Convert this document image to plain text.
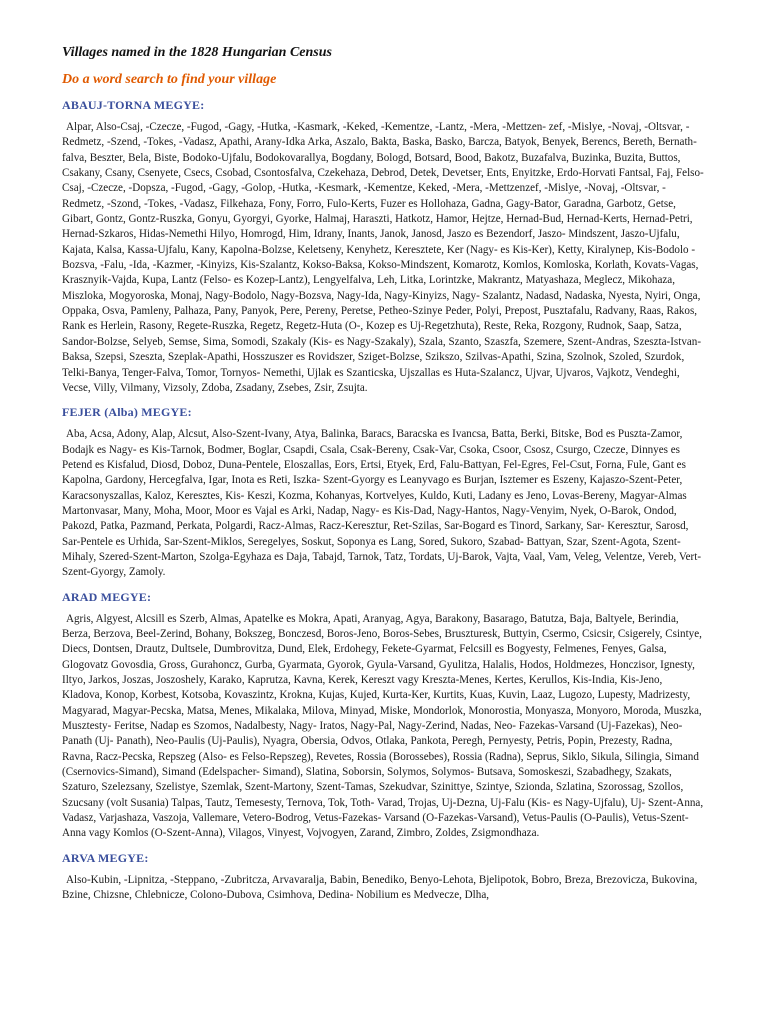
Villages named in the 1828 Hungarian Census
Do a word search to find your village
ABAUJ-TORNA MEGYE:

Alpar, Also-Csaj, -Czecze, -Fugod, -Gagy, -Hutka, -Kasmark, -Keked, -Kementze, -Lantz, -Mera, -Mettzen- zef, -Mislye, -Novaj, -Oltsvar, -Redmetz, -Szend, -Tokes, -Vadasz, Apathi, Arany-Idka Arka, Aszalo, Bakta, Baska, Basko, Barcza, Batyok, Benyek, Berencs, Bereth, Bernath- falva, Beszter, Bela, Biste, Bodoko-Ujfalu, Bodokovarallya, Bogdany, Bologd, Botsard, Bood, Bakotz, Buzafalva, Buzinka, Buzita, Buttos, Csakany, Csany, Csenyete, Csecs, Csobad, Csontosfalva, Czekehaza, Debrod, Detek, Devetser, Ents, Enyitzke, Erdo-Horvati Fantsal, Faj, Felso-Csaj, -Czecze, -Dopsza, -Fugod, -Gagy, -Golop, -Hutka, -Kesmark, -Kementze, Keked, -Mera, -Mettzenzef, -Mislye, -Novaj, -Oltsvar, -Redmetz, -Szond, -Tokes, -Vadasz, Filkehaza, Fony, Forro, Fulo-Kerts, Fuzer es Hollohaza, Gadna, Gagy-Bator, Garadna, Garbotz, Getse, Gibart, Gontz, Gontz-Ruszka, Gonyu, Gyorgyi, Gyorke, Halmaj, Haraszti, Hatkotz, Hamor, Hejtze, Hernad-Bud, Hernad-Kerts, Hernad-Petri, Hernad-Szkaros, Hidas-Nemethi Hilyo, Homrogd, Him, Idrany, Inants, Janok, Janosd, Jaszo es Bezendorf, Jaszo- Mindszent, Jaszo-Ujfalu, Kajata, Kalsa, Kassa-Ujfalu, Kany, Kapolna-Bolzse, Keletseny, Kenyhetz, Keresztetе, Ker (Nagy- es Kis-Ker), Ketty, Kiralynep, Kis-Bodolo -Bozsva, -Falu, -Ida, -Kazmer, -Kinyizs, Kis-Szalantz, Kokso-Baksa, Kokso-Mindszent, Komarotz, Komlos, Komloska, Korlath, Kovats-Vagas, Krasznyik-Vajda, Kupa, Lantz (Felso- es Kozep-Lantz), Lengyelfalva, Leh, Litka, Lorintzke, Makrantz, Matyashaza, Meglecz, Mikohaza, Miszloka, Mogyoroska, Monaj, Nagy-Bodolo, Nagy-Bozsva, Nagy-Ida, Nagy-Kinyizs, Nagy- Szalantz, Nadasd, Nadaska, Nyesta, Nyiri, Onga, Oppaka, Osva, Pamleny, Palhaza, Pany, Panyok, Pere, Pereny, Peretse, Petheo-Szinye Peder, Polyi, Prepost, Pusztafalu, Radvany, Raas, Rakos, Rank es Herlein, Rasony, Regete-Ruszka, Regetz, Regetz-Huta (O-, Kozep es Uj-Regetzhuta), Reste, Reka, Rozgony, Rudnok, Saap, Satza, Sandor-Bolzse, Selyeb, Semse, Sima, Somodi, Szakaly (Kis- es Nagy-Szakaly), Szala, Szanto, Szaszfa, Szemere, Szent-Andras, Szeszta-Istvan-Baksa, Szepsi, Szeszta, Szeplak-Apathi, Hosszuszer es Rovidszer, Sziget-Bolzse, Szikszo, Szilvas-Apathi, Szina, Szolnok, Szoled, Szurdok, Telki-Banya, Tenger-Falva, Tomor, Tornyos- Nemethi, Ujlak es Szanticska, Ujszallas es Huta-Szalancz, Ujvar, Ujvaros, Vajkotz, Vendeghi, Vecse, Villy, Vilmany, Vizsoly, Zdoba, Zsadany, Zsebes, Zsir, Zsujta.

FEJER (Alba) MEGYE:

Aba, Acsa, Adony, Alap, Alcsut, Also-Szent-Ivany, Atya, Balinka, Baracs, Baracska es Ivancsa, Batta, Berki, Bitske, Bod es Puszta-Zamor, Bodajk es Nagy- es Kis-Tarnok, Bodmer, Boglar, Csapdi, Csala, Csak-Bereny, Csak-Var, Csoka, Csoor, Csosz, Csurgo, Czecze, Dinnyes es Petend es Kisfalud, Diosd, Doboz, Duna-Pentele, Eloszallas, Eors, Ertsi, Etyek, Erd, Falu-Battyan, Fel-Egres, Fel-Csut, Forna, Fule, Gant es Kapolna, Gardony, Hercegfalva, Igar, Inota es Reti, Iszka- Szent-Gyorgy es Leanyvago es Burjan, Isztemer es Eszeny, Kajaszo-Szent-Peter, Karacsonyszallas, Kaloz, Keresztes, Kis- Keszi, Kozma, Kohanyas, Kortvelyes, Kuldo, Kuti, Ladany es Jeno, Lovas-Bereny, Magyar-Almas Martonvasar, Many, Moha, Moor, Moor es Vajal es Arki, Nadap, Nagy- es Kis-Dad, Nagy-Hantos, Nagy-Venyim, Nyek, O-Barok, Ondod, Pakozd, Patka, Pazmand, Perkata, Polgardi, Racz-Almas, Racz-Keresztur, Ret-Szilas, Sar-Bogard es Tinord, Sarkany, Sar- Keresztur, Sarosd, Sar-Pentele es Urhida, Sar-Szent-Miklos, Seregelyes, Soskut, Soponya es Lang, Sored, Sukoro, Szabad- Battyan, Szar, Szent-Agota, Szent-Mihaly, Szered-Szent-Marton, Szolga-Egyhaza es Daja, Tabajd, Tarnok, Tatz, Tordats, Uj-Barok, Vajta, Vaal, Vam, Veleg, Velentze, Vereb, Vert-Szent-Gyorgy, Zamoly.

ARAD MEGYE:

Agris, Algyest, Alcsill es Szerb, Almas, Apatelke es Mokra, Apati, Aranyag, Agya, Barakony, Basarago, Batutza, Baja, Baltyele, Berindia, Berza, Berzova, Beel-Zerind, Bohany, Bokszeg, Bonczesd, Boros-Jeno, Boros-Sebes, Bruszturesk, Buttyin, Csermo, Csicsir, Csigerely, Csintye, Diecs, Dontsen, Drautz, Dultsele, Dumbrovitza, Dund, Elek, Erdohegy, Fekete-Gyarmat, Felcsill es Bogyesty, Felmenes, Fenyes, Galsa, Glogovatz Govosdia, Gross, Gurahoncz, Gurba, Gyarmata, Gyorok, Gyula-Varsand, Gyulitza, Halalis, Hodos, Holdmezes, Honczisor, Ignesty, Iltyo, Jarkos, Joszas, Joszoshely, Karako, Kaprutza, Kavna, Kerek, Kereszt vagy Kreszta-Menes, Kertes, Kerullos, Kis-India, Kis-Jeno, Kladova, Konop, Korbest, Kotsoba, Kovaszintz, Krokna, Kujas, Kujed, Kurta-Ker, Kurtits, Kuas, Kuvin, Laaz, Lugozo, Lupesty, Madrizesty, Magyarad, Magyar-Pecska, Matsa, Menes, Mikalaka, Milova, Minyad, Miske, Mondorlok, Monorostia, Monyasza, Monyoro, Moroda, Muszka, Musztesty- Feritse, Nadap es Szomos, Nadalbesty, Nagy- Iratos, Nagy-Pal, Nagy-Zerind, Nadas, Neo- Fazekas-Varsand (Uj-Fazekas), Neo-Panath (Uj- Panath), Neo-Paulis (Uj-Paulis), Nyagra, Obersia, Odvos, Otlaka, Pankota, Peregh, Pernyesty, Petris, Popin, Prezesty, Radna, Ravna, Racz-Pecska, Repszeg (Also- es Felso-Repszeg), Revetes, Rossia (Borossebes), Rossia (Radna), Seprus, Siklo, Sikula, Silingia, Simand (Csernovics-Simand), Simand (Edelspacher- Simand), Slatina, Soborsin, Solymos, Solymos- Butsava, Somoskeszi, Szabadhegy, Szakats, Szaturo, Szelezsany, Szelistye, Szemlak, Szent-Martony, Szent-Tamas, Szekudvar, Szinittye, Szintye, Szionda, Szlatina, Szorossag, Szollos, Szucsany (volt Susania) Talpas, Tautz, Temesesty, Ternova, Tok, Toth- Varad, Trojas, Uj-Dezna, Uj-Falu (Kis- es Nagy-Ujfalu), Uj- Szent-Anna, Vadasz, Varjashaza, Vaszoja, Vallemare, Vetero-Bodrog, Vetus-Fazekas- Varsand (O-Fazekas-Varsand), Vetus-Paulis (O-Paulis), Vetus-Szent-Anna vagy Komlos (O-Szent-Anna), Vilagos, Vinyest, Vojvogyen, Zarand, Zimbro, Zoldes, Zsigmondhaza.

ARVA MEGYE:

Also-Kubin, -Lipnitza, -Steppano, -Zubritcza, Arvavaralja, Babin, Benediko, Benyo-Lehota, Bjelipotok, Bobro, Breza, Brezovicza, Bukovina, Bzine, Chizsne, Chlebnicze, Colono-Dubova, Csimhova, Dedina- Nobilium es Medvecze, Dlha,
